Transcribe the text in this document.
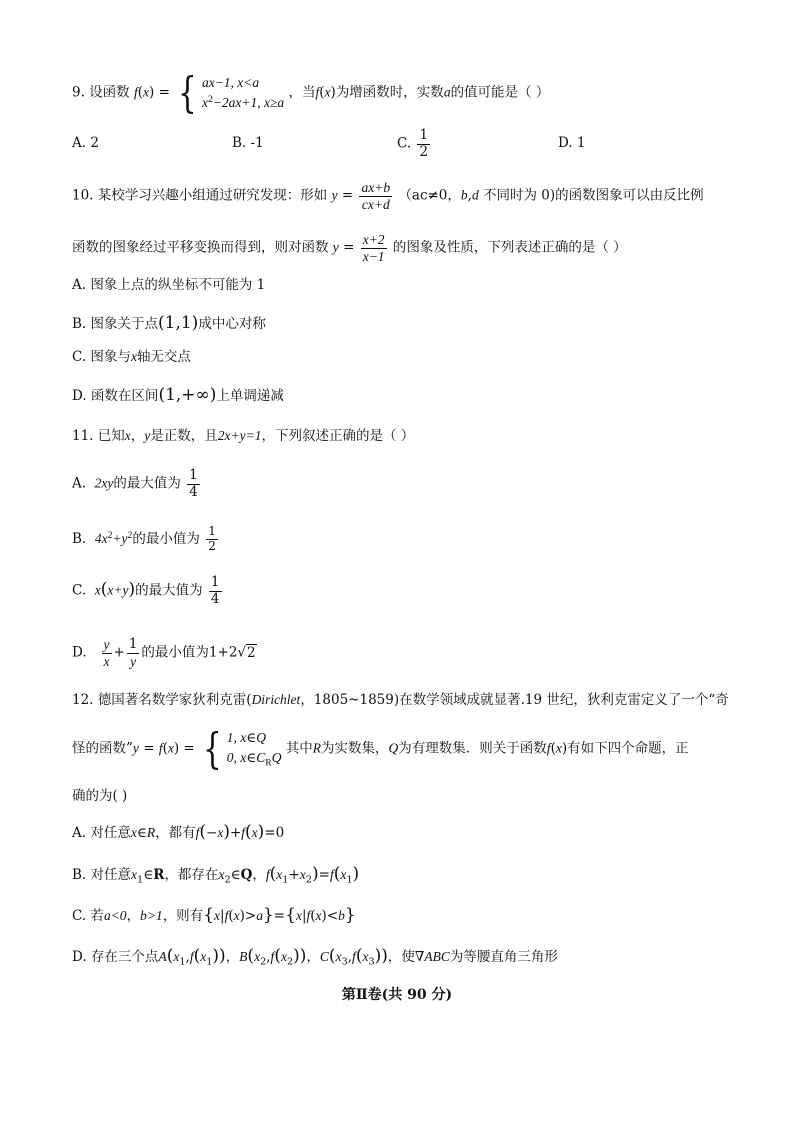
9. 设函数 f(x) = { ax−1, x<a
$x^2-2ax+1$, x≥a
，当f(x)为增函数时，实数a的值可能是（ ）
A. 2	B. -1	C. $\frac{1}{2}$	D. 1
10. 某校学习兴趣小组通过研究发现：形如 $y = \frac{ax+b}{cx+d} (ac\ne 0$，b,d 不同时为 0)的函数图象可以由反比例
函数的图象经过平移变换而得到，则对函数 $y = \frac{x+2}{x-1}$ 的图象及性质，下列表述正确的是（ ）
A. 图象上点的纵坐标不可能为 1
B. 图象关于点(1,1)成中心对称
C. 图象与x轴无交点
D. 函数在区间(1,+∞)上单调递减
11. 已知x，y是正数，且2x+y=1，下列叙述正确的是（ ）
A. 2xy的最大值为 $\frac{1}{4}$
B. $4x^2+y^2$的最小值为 $\frac{1}{2}$
C. x(x+y)的最大值为 $\frac{1}{4}$
D. $\frac{y}{x} + \frac{1}{y}$ 的最小值为1+2√2
12. 德国著名数学家狄利克雷(Dirichlet，1805~1859)在数学领域成就显著.19 世纪，狄利克雷定义了一个“奇
怪的函数”y = f(x) = { 1, x∈Q
0, $x\in C_RQ$
其中R为实数集，Q为有理数集．则关于函数f(x)有如下四个命题，正
确的为( )
A. 对任意x∈R，都有f(−x)+f(x)=0
B. 对任意$x_1\in R$，都存在$x_2\in Q$，$f(x_1+x_2)=f(x_1)$
C. 若a<0，b>1，则有{x|f(x)>a}={x|f(x)<b}
D. 存在三个点$A(x_1,f(x_1))$，$B(x_2,f(x_2))$，$C(x_3,f(x_3))$，使∇ABC为等腰直角三角形
第Ⅱ卷(共 90 分)
